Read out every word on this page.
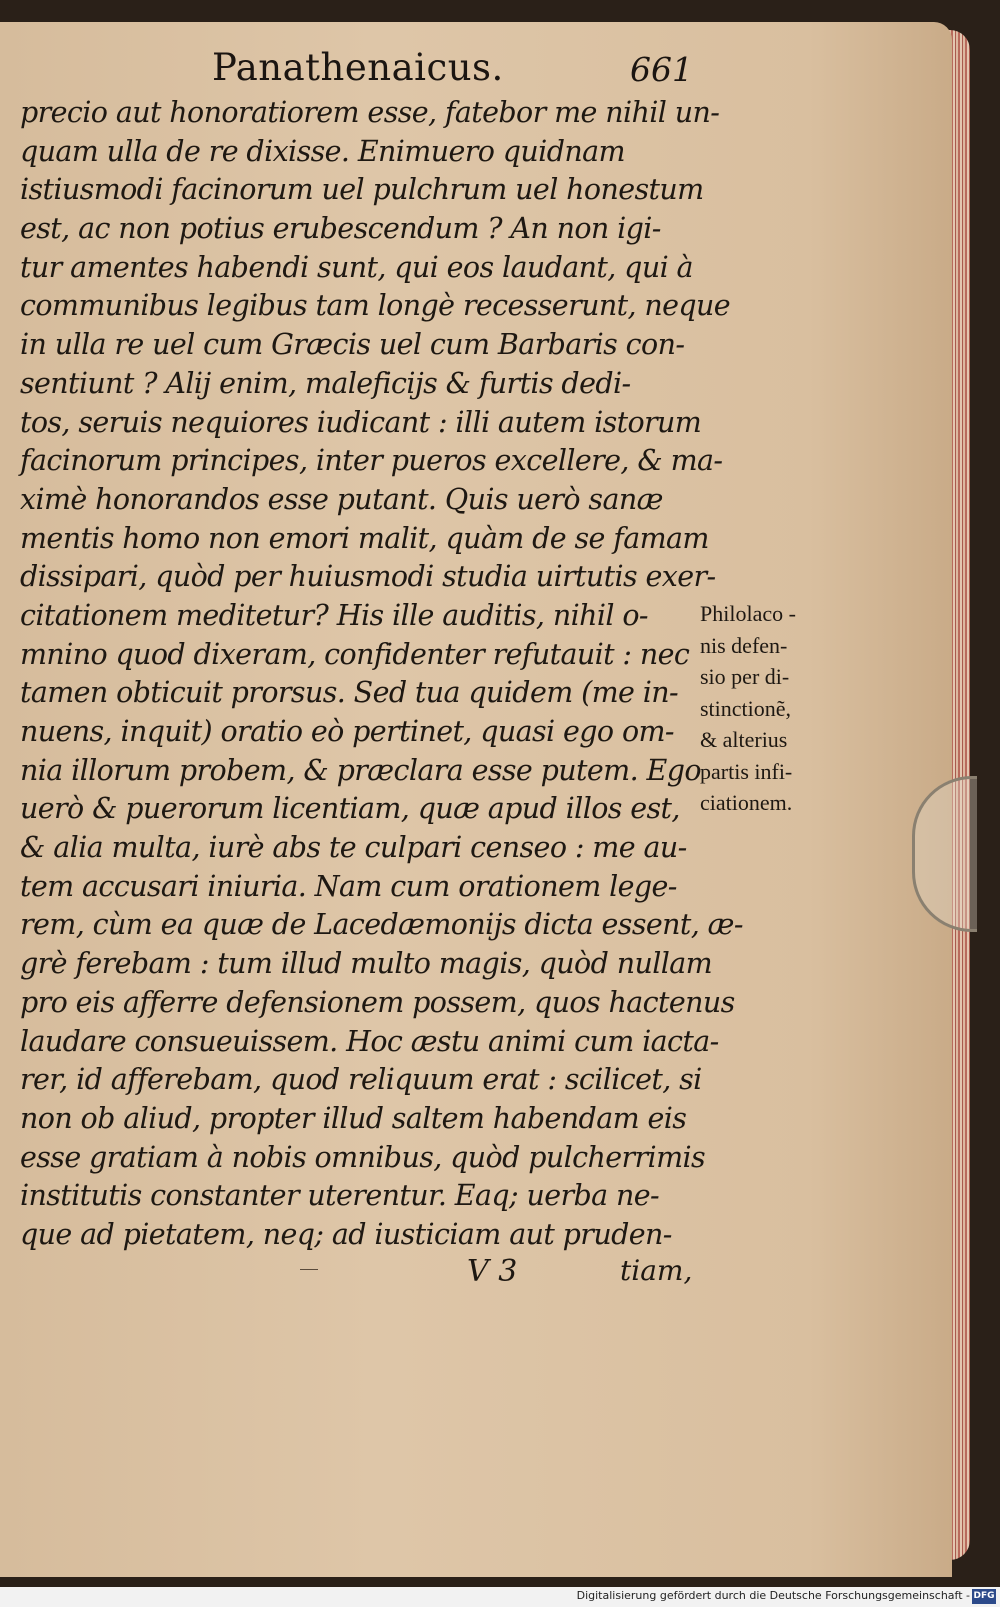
Panathenaicus.	661
precio aut honoratiorem esse, fatebor me nihil un-
quam ulla de re dixisse. Enimuero quidnam
istiusmodi facinorum uel pulchrum uel honestum
est, ac non potius erubescendum ? An non igi-
tur amentes habendi sunt, qui eos laudant, qui à
communibus legibus tam longè recesserunt, neque
in ulla re uel cum Græcis uel cum Barbaris con-
sentiunt ? Alij enim, maleficijs & furtis dedi-
tos, seruis nequiores iudicant : illi autem istorum
facinorum principes, inter pueros excellere, & ma-
ximè honorandos esse putant. Quis uerò sanæ
mentis homo non emori malit, quàm de se famam
dissipari, quòd per huiusmodi studia uirtutis exer-
citationem meditetur? His ille auditis, nihil o-
mnino quod dixeram, confidenter refutauit : nec
tamen obticuit prorsus. Sed tua quidem (me in-
nuens, inquit) oratio eò pertinet, quasi ego om-
nia illorum probem, & præclara esse putem. Ego
uerò & puerorum licentiam, quæ apud illos est,
& alia multa, iurè abs te culpari censeo : me au-
tem accusari iniuria. Nam cum orationem lege-
rem, cùm ea quæ de Lacedæmonijs dicta essent, æ-
grè ferebam : tum illud multo magis, quòd nullam
pro eis afferre defensionem possem, quos hactenus
laudare consueuissem. Hoc æstu animi cum iacta-
rer, id afferebam, quod reliquum erat : scilicet, si
non ob aliud, propter illud saltem habendam eis
esse gratiam à nobis omnibus, quòd pulcherrimis
institutis constanter uterentur. Eaq; uerba ne-
que ad pietatem, neq; ad iusticiam aut pruden-
Philolaco -
nis defen-
sio per di-
stinctionẽ,
& alterius
partis infi-
ciationem.
V 3	tiam,
Digitalisierung gefördert durch die Deutsche Forschungsgemeinschaft - DFG
